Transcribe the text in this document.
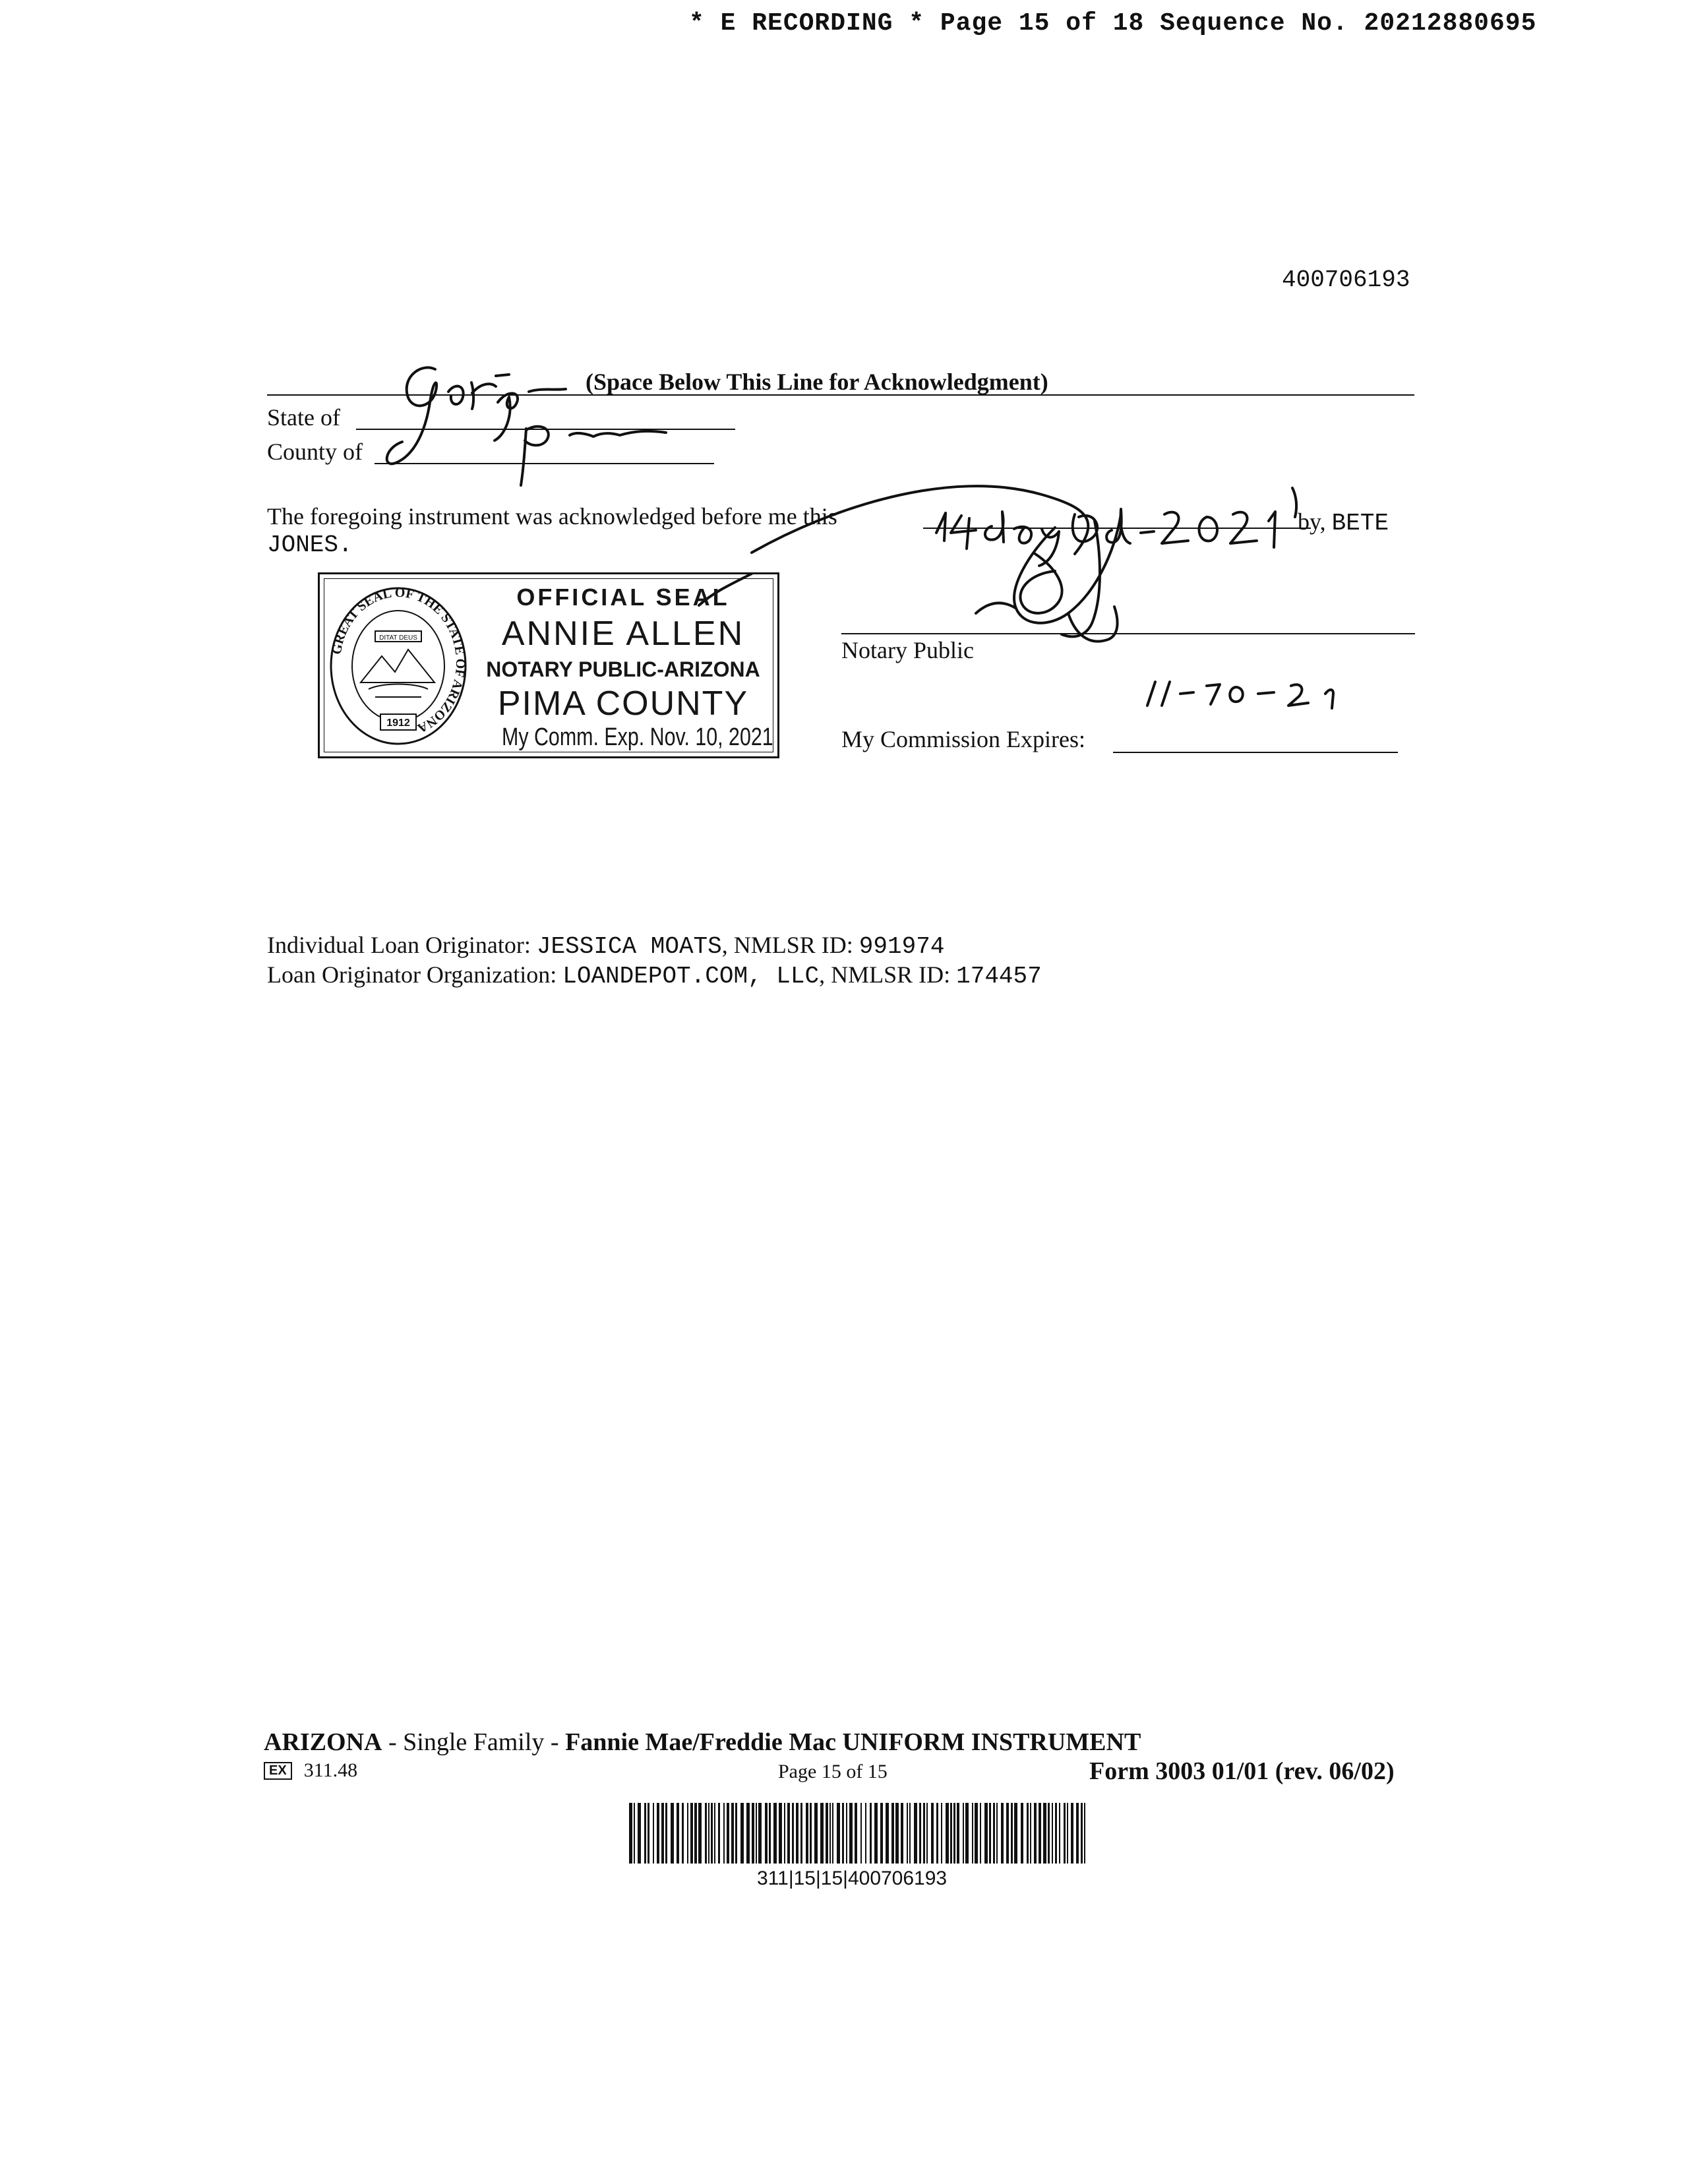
* E RECORDING * Page 15 of 18 Sequence No. 20212880695
400706193
(Space Below This Line for Acknowledgment)
State of
County of
The foregoing instrument was acknowledged before me this	by, BETE
JONES.
GREAT SEAL OF THE STATE OF ARIZONA
DITAT DEUS
1912
OFFICIAL SEAL
ANNIE ALLEN
NOTARY PUBLIC-ARIZONA
PIMA COUNTY
My Comm. Exp. Nov. 10, 2021
Notary Public
My Commission Expires:
Individual Loan Originator: JESSICA MOATS, NMLSR ID: 991974
Loan Originator Organization: LOANDEPOT.COM, LLC, NMLSR ID: 174457
ARIZONA - Single Family - Fannie Mae/Freddie Mac UNIFORM INSTRUMENT
EX 311.48	Page 15 of 15	Form 3003 01/01 (rev. 06/02)
311|15|15|400706193
